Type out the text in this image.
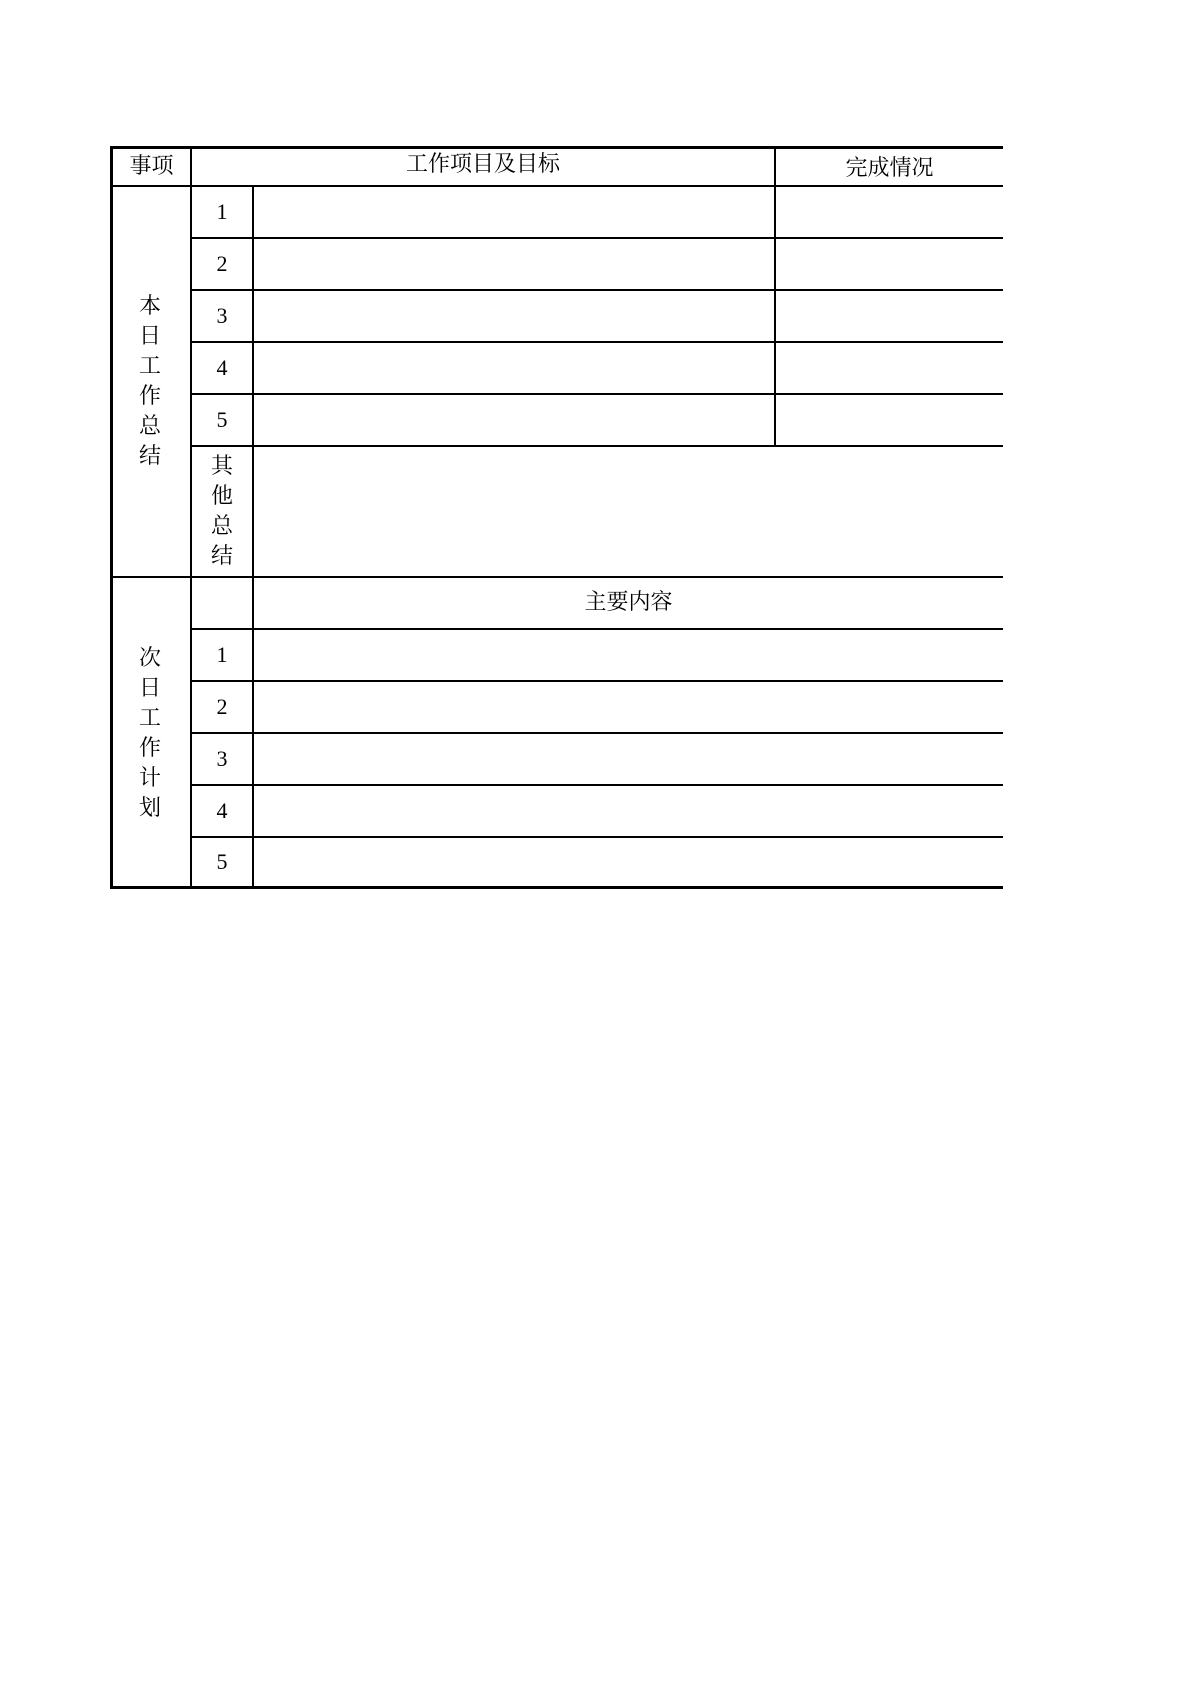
事项	工作项目及目标	完成情况
本日工作总结
1
2
3
4
5
其他总结
次日工作计划
主要内容
1
2
3
4
5
